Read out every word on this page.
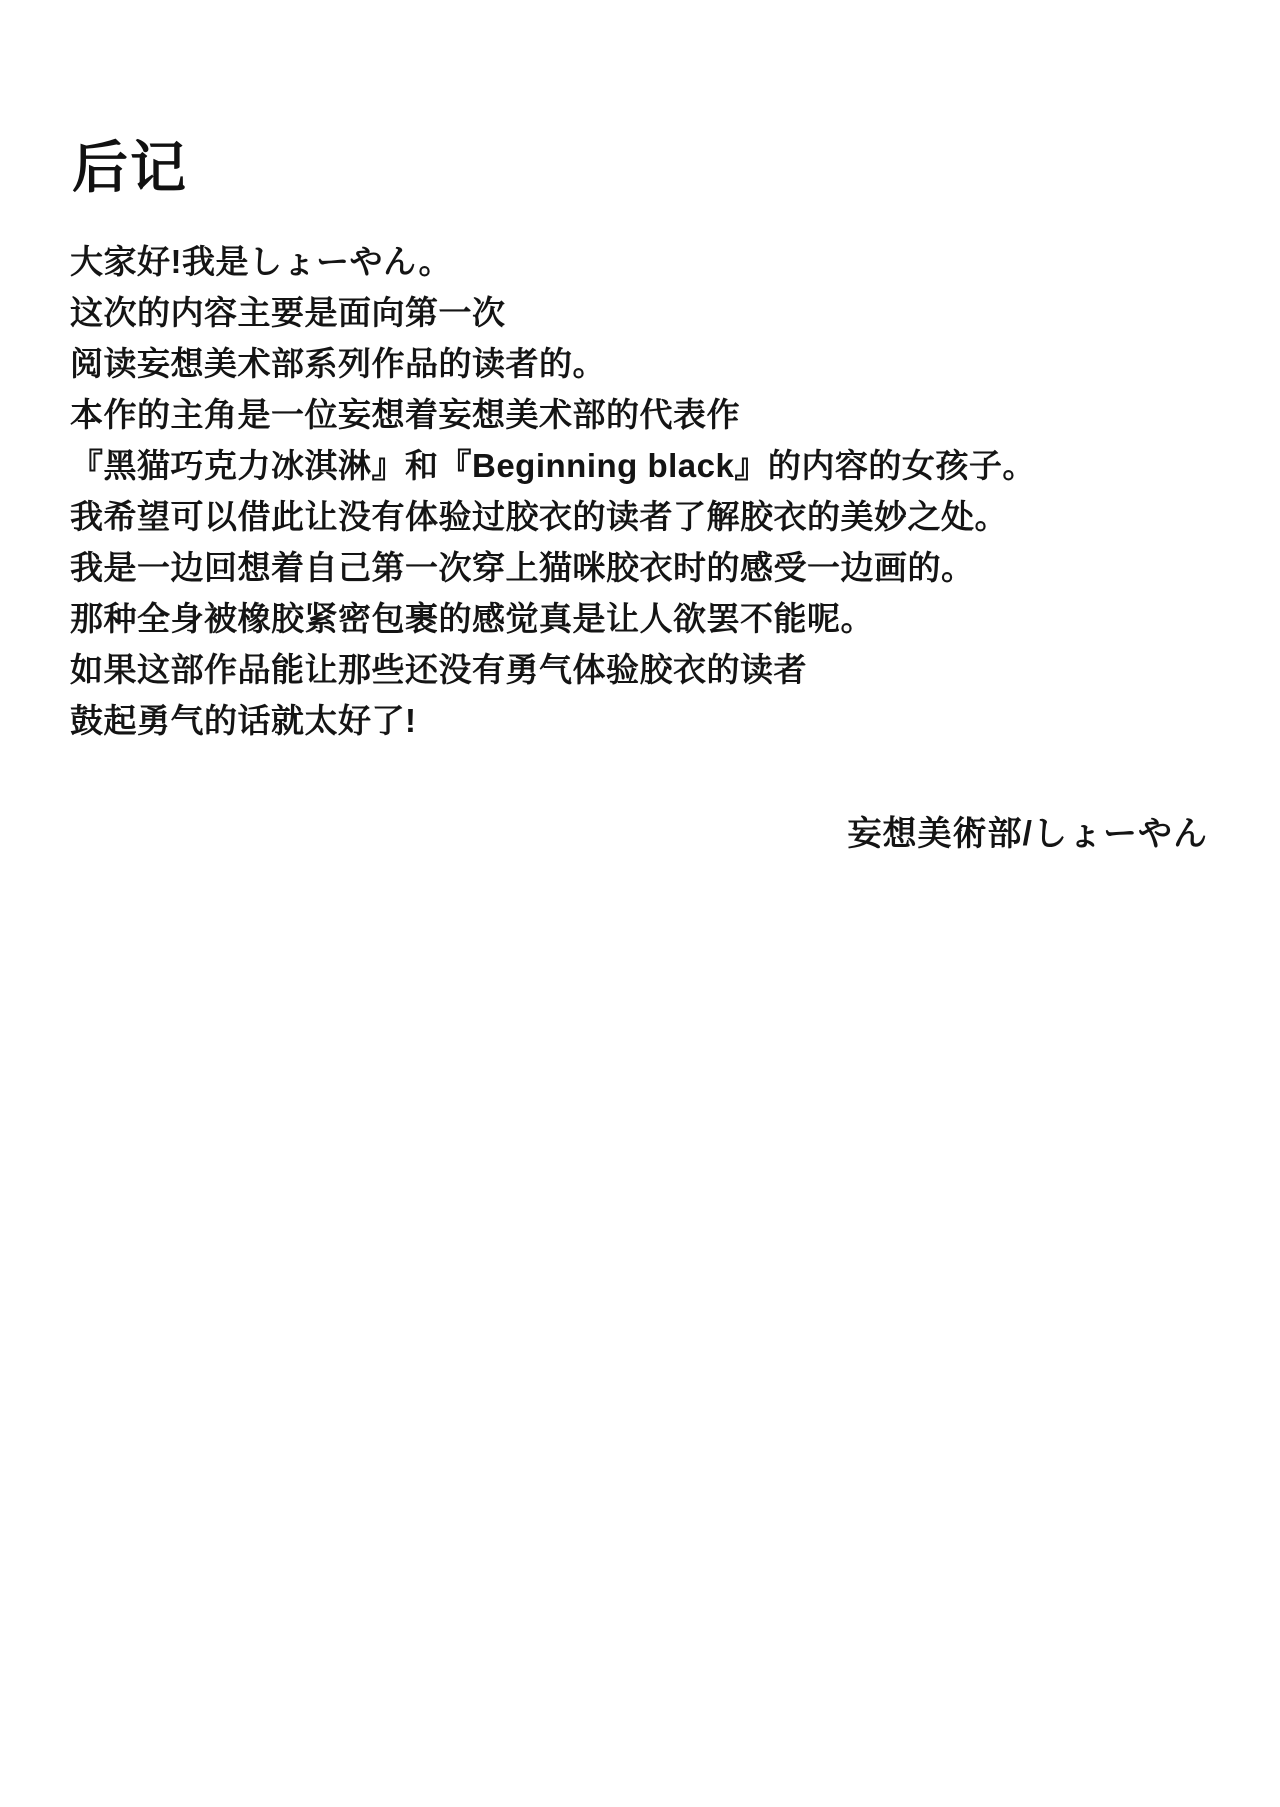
后记
大家好!我是しょーやん。
这次的内容主要是面向第一次
阅读妄想美术部系列作品的读者的。
本作的主角是一位妄想着妄想美术部的代表作
『黑猫巧克力冰淇淋』和『Beginning black』的内容的女孩子。
我希望可以借此让没有体验过胶衣的读者了解胶衣的美妙之处。
我是一边回想着自己第一次穿上猫咪胶衣时的感受一边画的。
那种全身被橡胶紧密包裹的感觉真是让人欲罢不能呢。
如果这部作品能让那些还没有勇气体验胶衣的读者
鼓起勇气的话就太好了!
妄想美術部/しょーやん
